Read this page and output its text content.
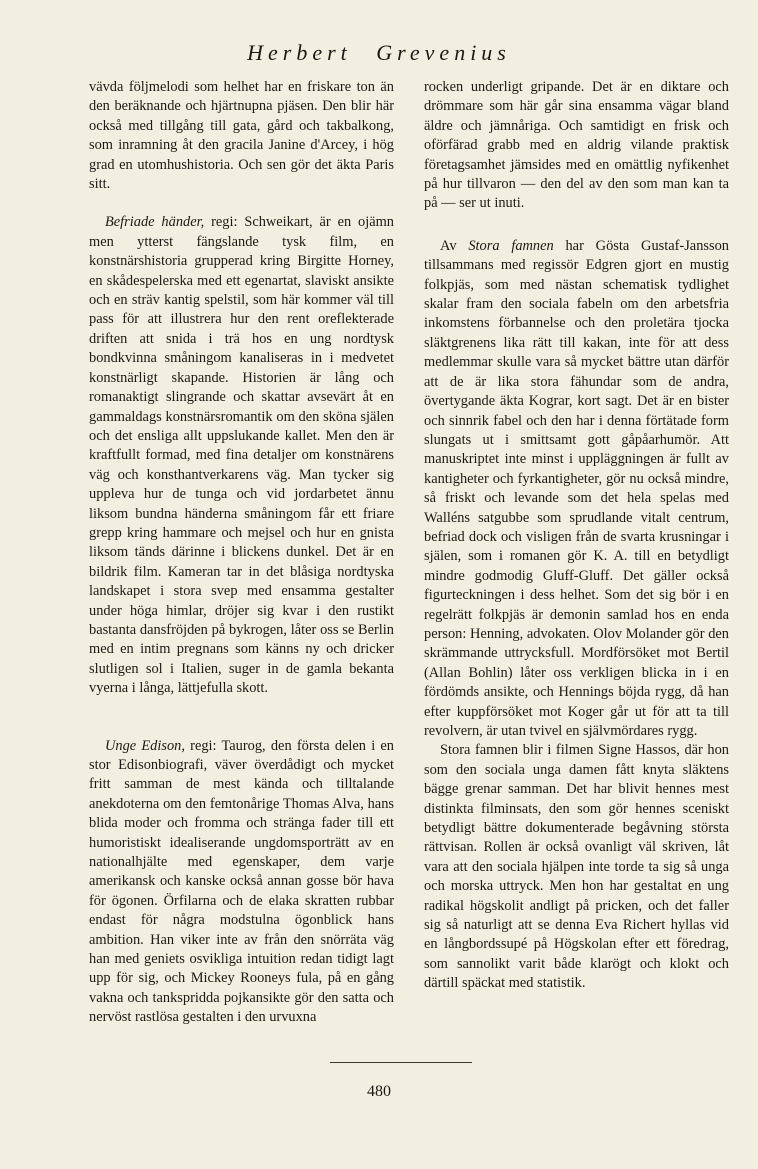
Herbert Grevenius

vävda följmelodi som helhet har en friskare ton än den beräknande och hjärtnupna pjäsen. Den blir här också med tillgång till gata, gård och takbalkong, som inramning åt den gracila Janine d'Arcey, i hög grad en utomhushistoria. Och sen gör det äkta Paris sitt.

Befriade händer, regi: Schweikart, är en ojämn men ytterst fängslande tysk film, en konstnärshistoria grupperad kring Birgitte Horney, en skådespelerska med ett egenartat, slaviskt ansikte och en sträv kantig spelstil, som här kommer väl till pass för att illustrera hur den rent oreflekterade driften att snida i trä hos en ung nordtysk bondkvinna småningom kanaliseras in i medvetet konstnärligt skapande. Historien är lång och romanaktigt slingrande och skattar avsevärt åt en gammaldags konstnärsromantik om den sköna själen och det ensliga allt uppslukande kallet. Men den är kraftfullt formad, med fina detaljer om konstnärens väg och konsthantverkarens väg. Man tycker sig uppleva hur de tunga och vid jordarbetet ännu liksom bundna händerna småningom får ett friare grepp kring hammare och mejsel och hur en gnista liksom tänds därinne i blickens dunkel. Det är en bildrik film. Kameran tar in det blåsiga nordtyska landskapet i stora svep med ensamma gestalter under höga himlar, dröjer sig kvar i den rustikt bastanta dansfröjden på bykrogen, låter oss se Berlin med en intim pregnans som känns ny och dricker slutligen sol i Italien, suger in de gamla bekanta vyerna i långa, lättjefulla skott.

Unge Edison, regi: Taurog, den första delen i en stor Edisonbiografi, väver överdådigt och mycket fritt samman de mest kända och tilltalande anekdoterna om den femtonårige Thomas Alva, hans blida moder och fromma och stränga fader till ett humoristiskt idealiserande ungdomsporträtt av en nationalhjälte med egenskaper, dem varje amerikansk och kanske också annan gosse bör hava för ögonen. Örfilarna och de elaka skratten rubbar endast för några modstulna ögonblick hans ambition. Han viker inte av från den snörräta väg han med geniets osvikliga intuition redan tidigt lagt upp för sig, och Mickey Rooneys fula, på en gång vakna och tankspridda pojkansikte gör den satta och nervöst rastlösa gestalten i den urvuxna

rocken underligt gripande. Det är en diktare och drömmare som här går sina ensamma vägar bland äldre och jämnåriga. Och samtidigt en frisk och oförfärad grabb med en aldrig vilande praktisk företagsamhet jämsides med en omättlig nyfikenhet på hur tillvaron — den del av den som man kan ta på — ser ut inuti.

Av Stora famnen har Gösta Gustaf-Jansson tillsammans med regissör Edgren gjort en mustig folkpjäs, som med nästan schematisk tydlighet skalar fram den sociala fabeln om den arbetsfria inkomstens förbannelse och den proletära tjocka släktgrenens lika rätt till kakan, inte för att dess medlemmar skulle vara så mycket bättre utan därför att de är lika stora fähundar som de andra, övertygande äkta Kograr, kort sagt. Det är en bister och sinnrik fabel och den har i denna förtätade form slungats ut i smittsamt gott gåpåarhumör. Att manuskriptet inte minst i uppläggningen är fullt av kantigheter och fyrkantigheter, gör nu också mindre, så friskt och levande som det hela spelas med Walléns satgubbe som sprudlande vitalt centrum, befriad dock och visligen från de svarta krusningar i själen, som i romanen gör K. A. till en betydligt mindre godmodig Gluff-Gluff. Det gäller också figurteckningen i dess helhet. Som det sig bör i en regelrätt folkpjäs är demonin samlad hos en enda person: Henning, advokaten. Olov Molander gör den skrämmande uttrycksfull. Mordförsöket mot Bertil (Allan Bohlin) låter oss verkligen blicka in i en fördömds ansikte, och Hennings böjda rygg, då han efter kuppförsöket mot Koger går ut för att ta till revolvern, är utan tvivel en självmördares rygg.

Stora famnen blir i filmen Signe Hassos, där hon som den sociala unga damen fått knyta släktens bägge grenar samman. Det har blivit hennes mest distinkta filminsats, den som gör hennes sceniskt betydligt bättre dokumenterade begåvning största rättvisan. Rollen är också ovanligt väl skriven, låt vara att den sociala hjälpen inte torde ta sig så unga och morska uttryck. Men hon har gestaltat en ung radikal högskolit andligt på pricken, och det faller sig så naturligt att se denna Eva Richert hyllas vid en långbordssupé på Högskolan efter ett föredrag, som sannolikt varit både klarögt och klokt och därtill späckat med statistik.

480
